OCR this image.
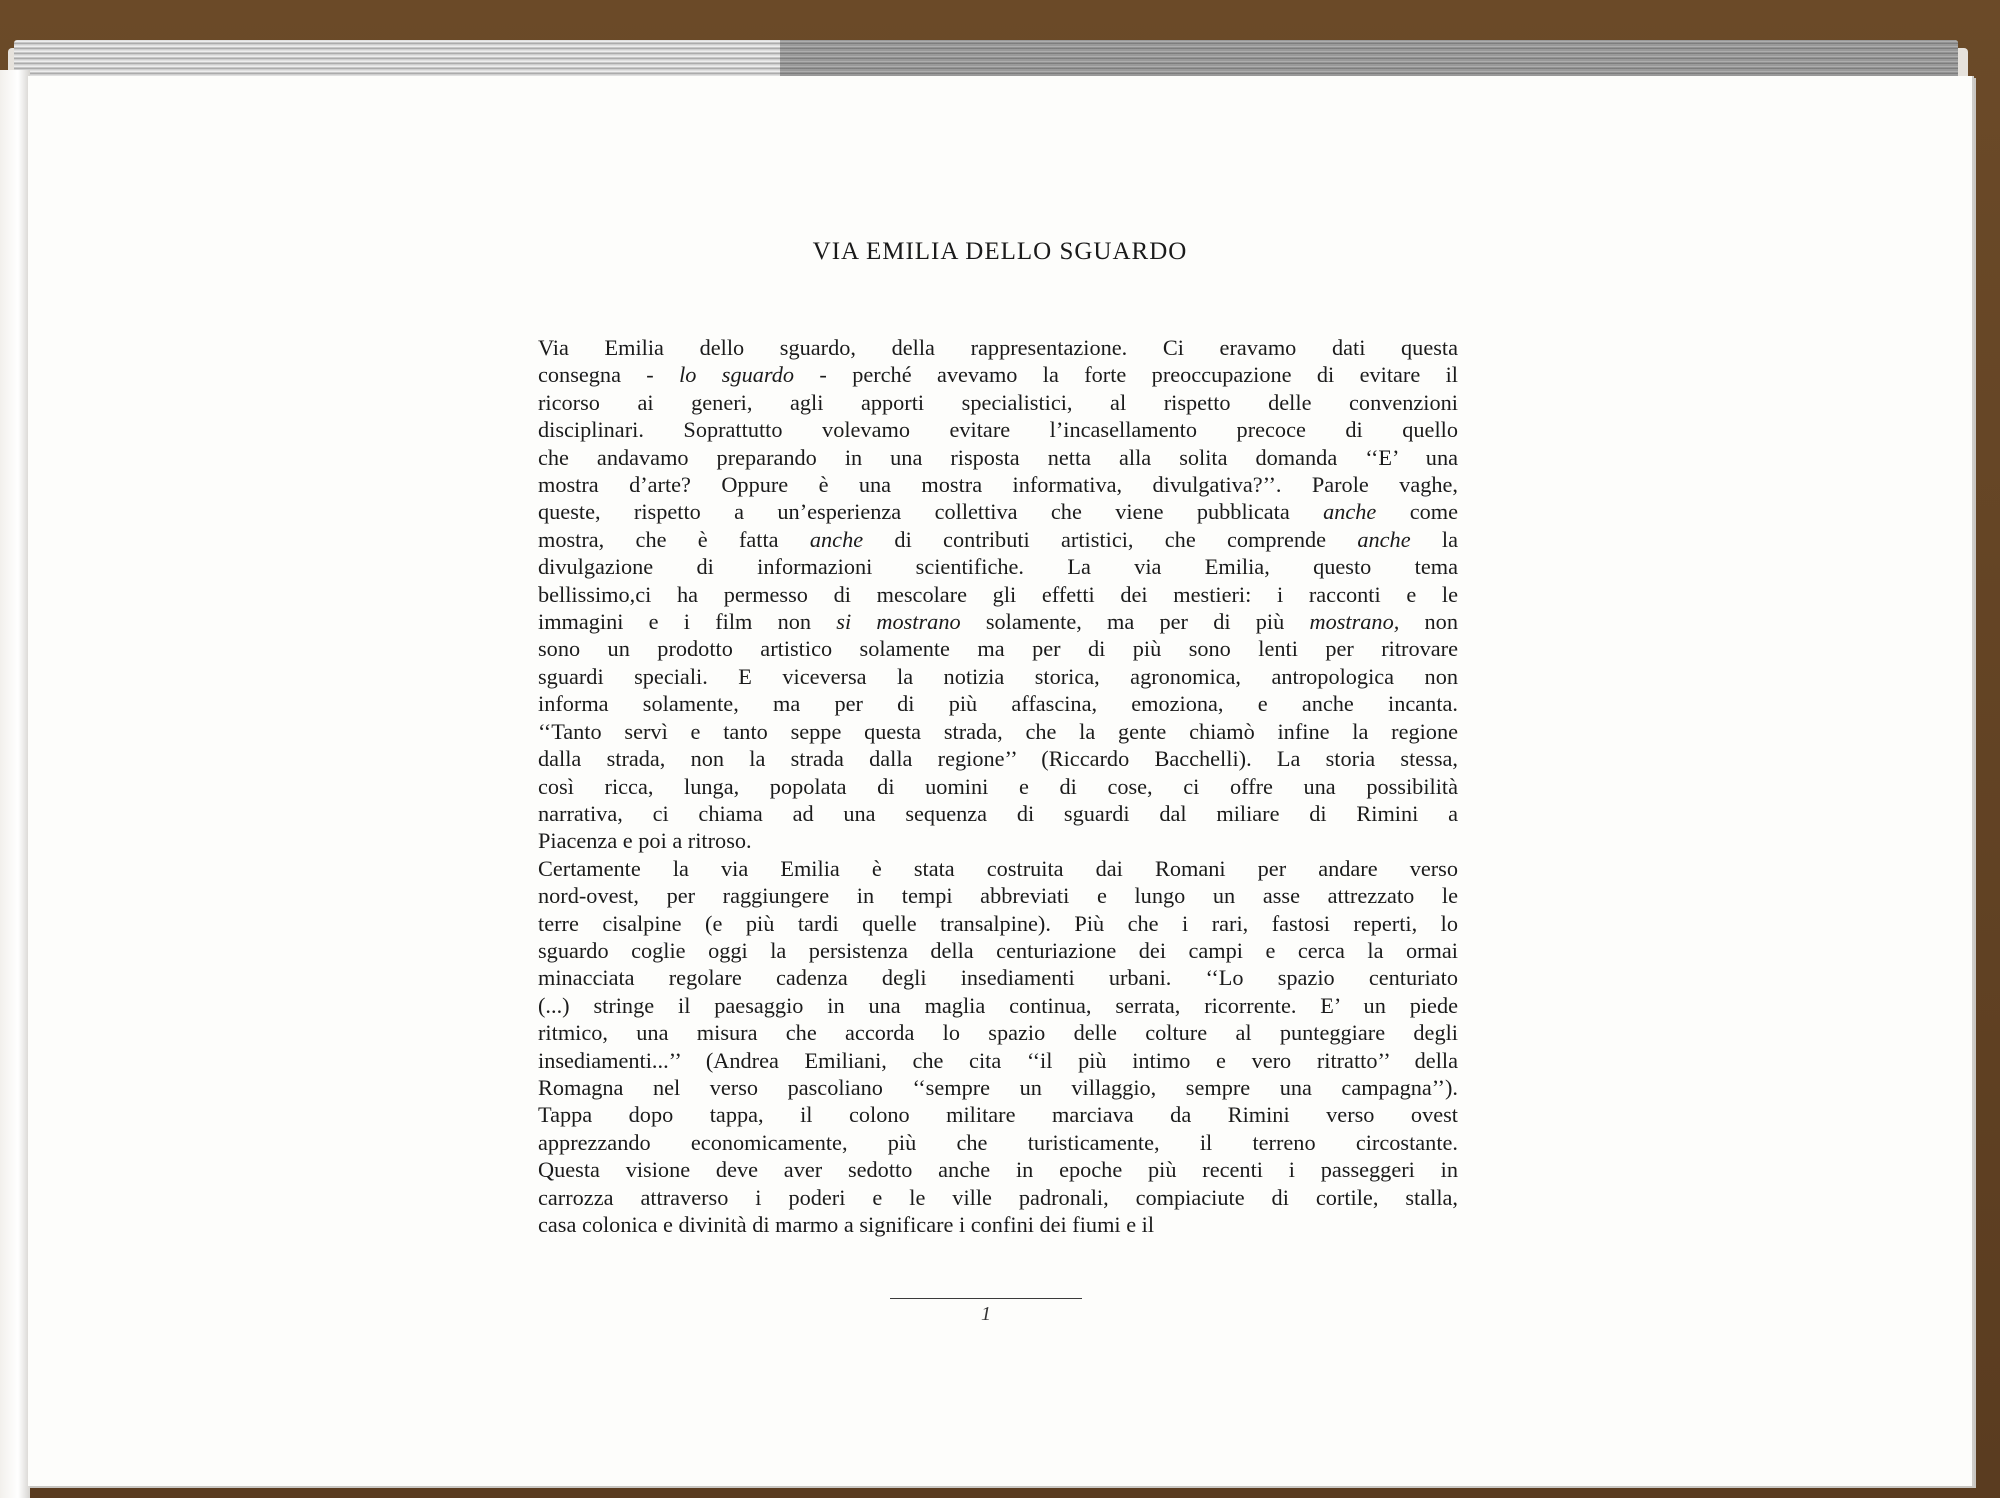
VIA EMILIA DELLO SGUARDO
Via Emilia dello sguardo, della rappresentazione. Ci eravamo dati questa
consegna - lo sguardo - perché avevamo la forte preoccupazione di evitare il
ricorso ai generi, agli apporti specialistici, al rispetto delle convenzioni
disciplinari. Soprattutto volevamo evitare l’incasellamento precoce di quello
che andavamo preparando in una risposta netta alla solita domanda ‘‘E’ una
mostra d’arte? Oppure è una mostra informativa, divulgativa?’’. Parole vaghe,
queste, rispetto a un’esperienza collettiva che viene pubblicata anche come
mostra, che è fatta anche di contributi artistici, che comprende anche la
divulgazione di informazioni scientifiche. La via Emilia, questo tema
bellissimo,ci ha permesso di mescolare gli effetti dei mestieri: i racconti e le
immagini e i film non si mostrano solamente, ma per di più mostrano, non
sono un prodotto artistico solamente ma per di più sono lenti per ritrovare
sguardi speciali. E viceversa la notizia storica, agronomica, antropologica non
informa solamente, ma per di più affascina, emoziona, e anche incanta.
‘‘Tanto servì e tanto seppe questa strada, che la gente chiamò infine la regione
dalla strada, non la strada dalla regione’’ (Riccardo Bacchelli). La storia stessa,
così ricca, lunga, popolata di uomini e di cose, ci offre una possibilità
narrativa, ci chiama ad una sequenza di sguardi dal miliare di Rimini a
Piacenza e poi a ritroso.
Certamente la via Emilia è stata costruita dai Romani per andare verso
nord-ovest, per raggiungere in tempi abbreviati e lungo un asse attrezzato le
terre cisalpine (e più tardi quelle transalpine). Più che i rari, fastosi reperti, lo
sguardo coglie oggi la persistenza della centuriazione dei campi e cerca la ormai
minacciata regolare cadenza degli insediamenti urbani. ‘‘Lo spazio centuriato
(...) stringe il paesaggio in una maglia continua, serrata, ricorrente. E’ un piede
ritmico, una misura che accorda lo spazio delle colture al punteggiare degli
insediamenti...’’ (Andrea Emiliani, che cita ‘‘il più intimo e vero ritratto’’ della
Romagna nel verso pascoliano ‘‘sempre un villaggio, sempre una campagna’’).
Tappa dopo tappa, il colono militare marciava da Rimini verso ovest
apprezzando economicamente, più che turisticamente, il terreno circostante.
Questa visione deve aver sedotto anche in epoche più recenti i passeggeri in
carrozza attraverso i poderi e le ville padronali, compiaciute di cortile, stalla,
casa colonica e divinità di marmo a significare i confini dei fiumi e il
1
